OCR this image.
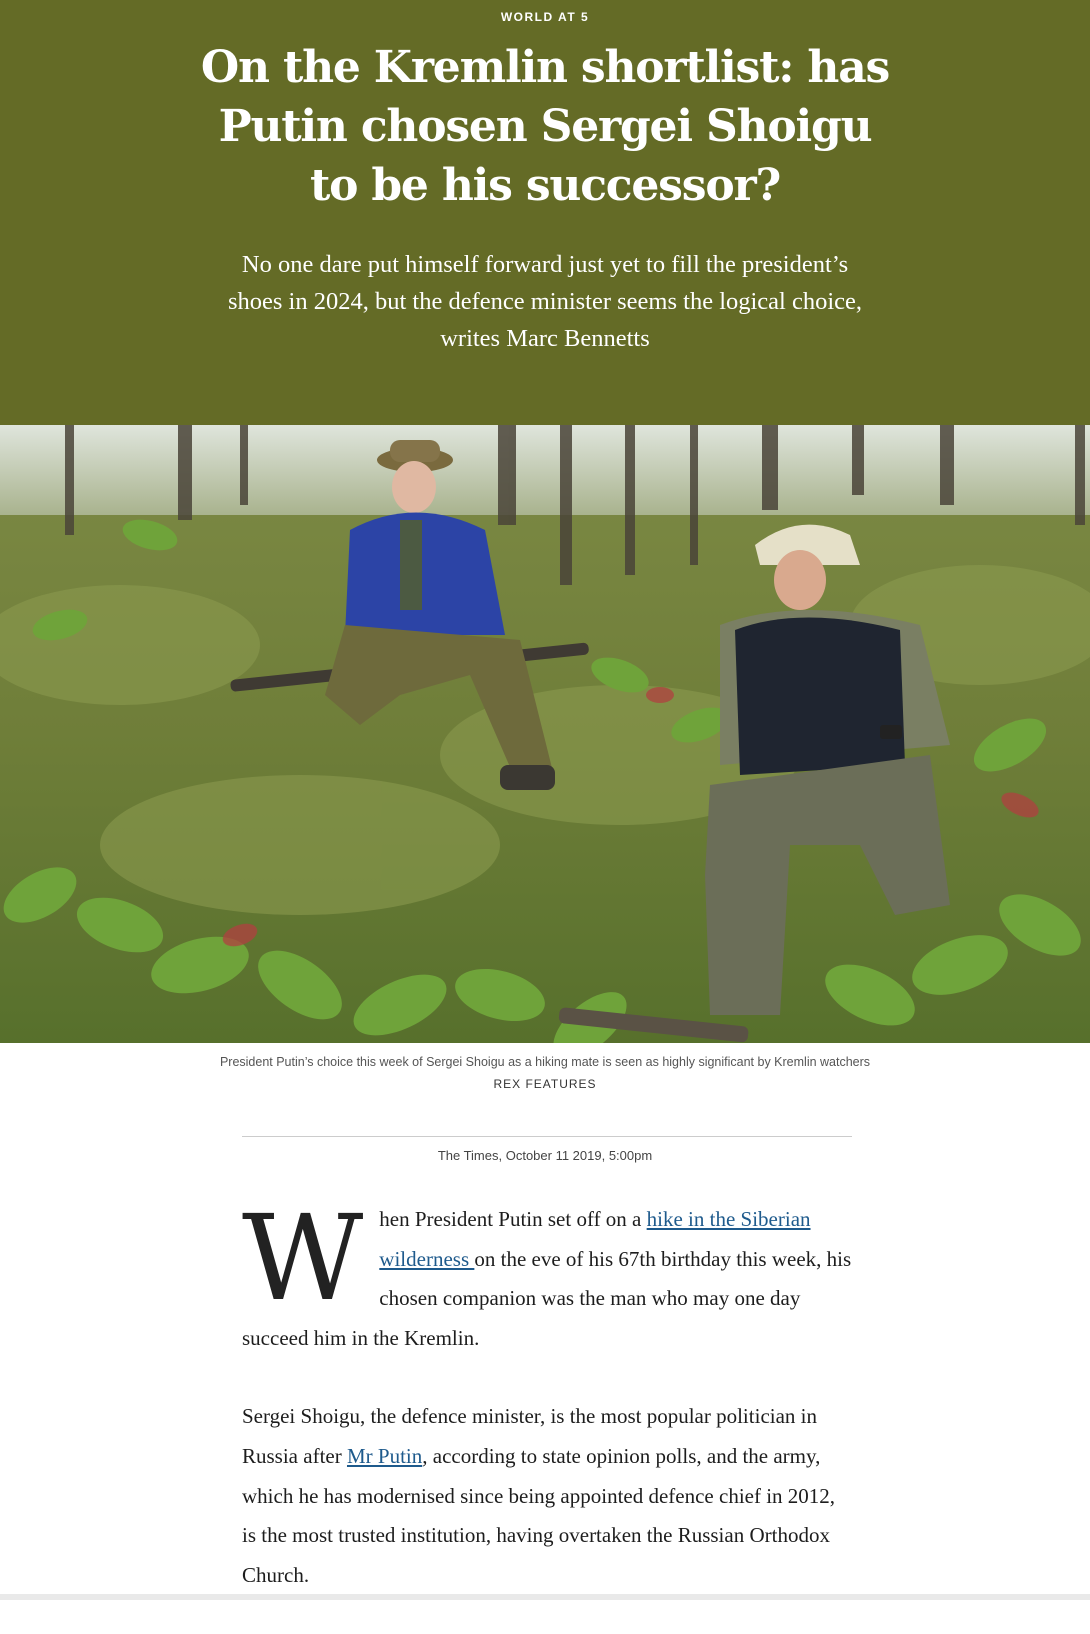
WORLD AT 5
On the Kremlin shortlist: has Putin chosen Sergei Shoigu to be his successor?

No one dare put himself forward just yet to fill the president’s shoes in 2024, but the defence minister seems the logical choice, writes Marc Bennetts

President Putin’s choice this week of Sergei Shoigu as a hiking mate is seen as highly significant by Kremlin watchers
REX FEATURES
The Times, October 11 2019, 5:00pm

When President Putin set off on a hike in the Siberian wilderness on the eve of his 67th birthday this week, his chosen companion was the man who may one day succeed him in the Kremlin.

Sergei Shoigu, the defence minister, is the most popular politician in Russia after Mr Putin, according to state opinion polls, and the army, which he has modernised since being appointed defence chief in 2012, is the most trusted institution, having overtaken the Russian Orthodox Church.
